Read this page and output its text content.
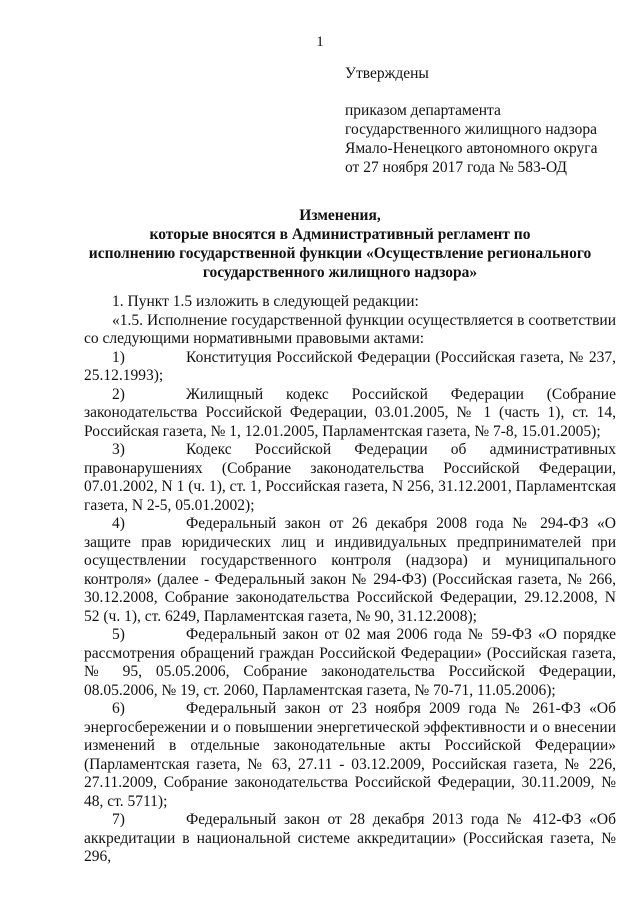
1
Утверждены
приказом департамента
государственного жилищного надзора
Ямало-Ненецкого автономного округа
от 27 ноября 2017 года № 583-ОД
Изменения,
которые вносятся в Административный регламент по
исполнению государственной функции «Осуществление регионального
государственного жилищного надзора»

1. Пункт 1.5 изложить в следующей редакции:

«1.5. Исполнение государственной функции осуществляется в соответствии со следующими нормативными правовыми актами:

1)	Конституция Российской Федерации (Российская газета, № 237, 25.12.1993);

2)	Жилищный кодекс Российской Федерации (Собрание законодательства Российской Федерации, 03.01.2005, № 1 (часть 1), ст. 14, Российская газета, № 1, 12.01.2005, Парламентская газета, № 7-8, 15.01.2005);

3)	Кодекс Российской Федерации об административных правонарушениях (Собрание законодательства Российской Федерации, 07.01.2002, N 1 (ч. 1), ст. 1, Российская газета, N 256, 31.12.2001, Парламентская газета, N 2-5, 05.01.2002);

4)	Федеральный закон от 26 декабря 2008 года № 294-ФЗ «О защите прав юридических лиц и индивидуальных предпринимателей при осуществлении государственного контроля (надзора) и муниципального контроля» (далее - Федеральный закон № 294-ФЗ) (Российская газета, № 266, 30.12.2008, Собрание законодательства Российской Федерации, 29.12.2008, N 52 (ч. 1), ст. 6249, Парламентская газета, № 90, 31.12.2008);

5)	Федеральный закон от 02 мая 2006 года № 59-ФЗ «О порядке рассмотрения обращений граждан Российской Федерации» (Российская газета, № 95, 05.05.2006, Собрание законодательства Российской Федерации, 08.05.2006, № 19, ст. 2060, Парламентская газета, № 70-71, 11.05.2006);

6)	Федеральный закон от 23 ноября 2009 года № 261-ФЗ «Об энергосбережении и о повышении энергетической эффективности и о внесении изменений в отдельные законодательные акты Российской Федерации» (Парламентская газета, № 63, 27.11 - 03.12.2009, Российская газета, № 226, 27.11.2009, Собрание законодательства Российской Федерации, 30.11.2009, № 48, ст. 5711);

7)	Федеральный закон от 28 декабря 2013 года № 412-ФЗ «Об аккредитации в национальной системе аккредитации» (Российская газета, № 296,
